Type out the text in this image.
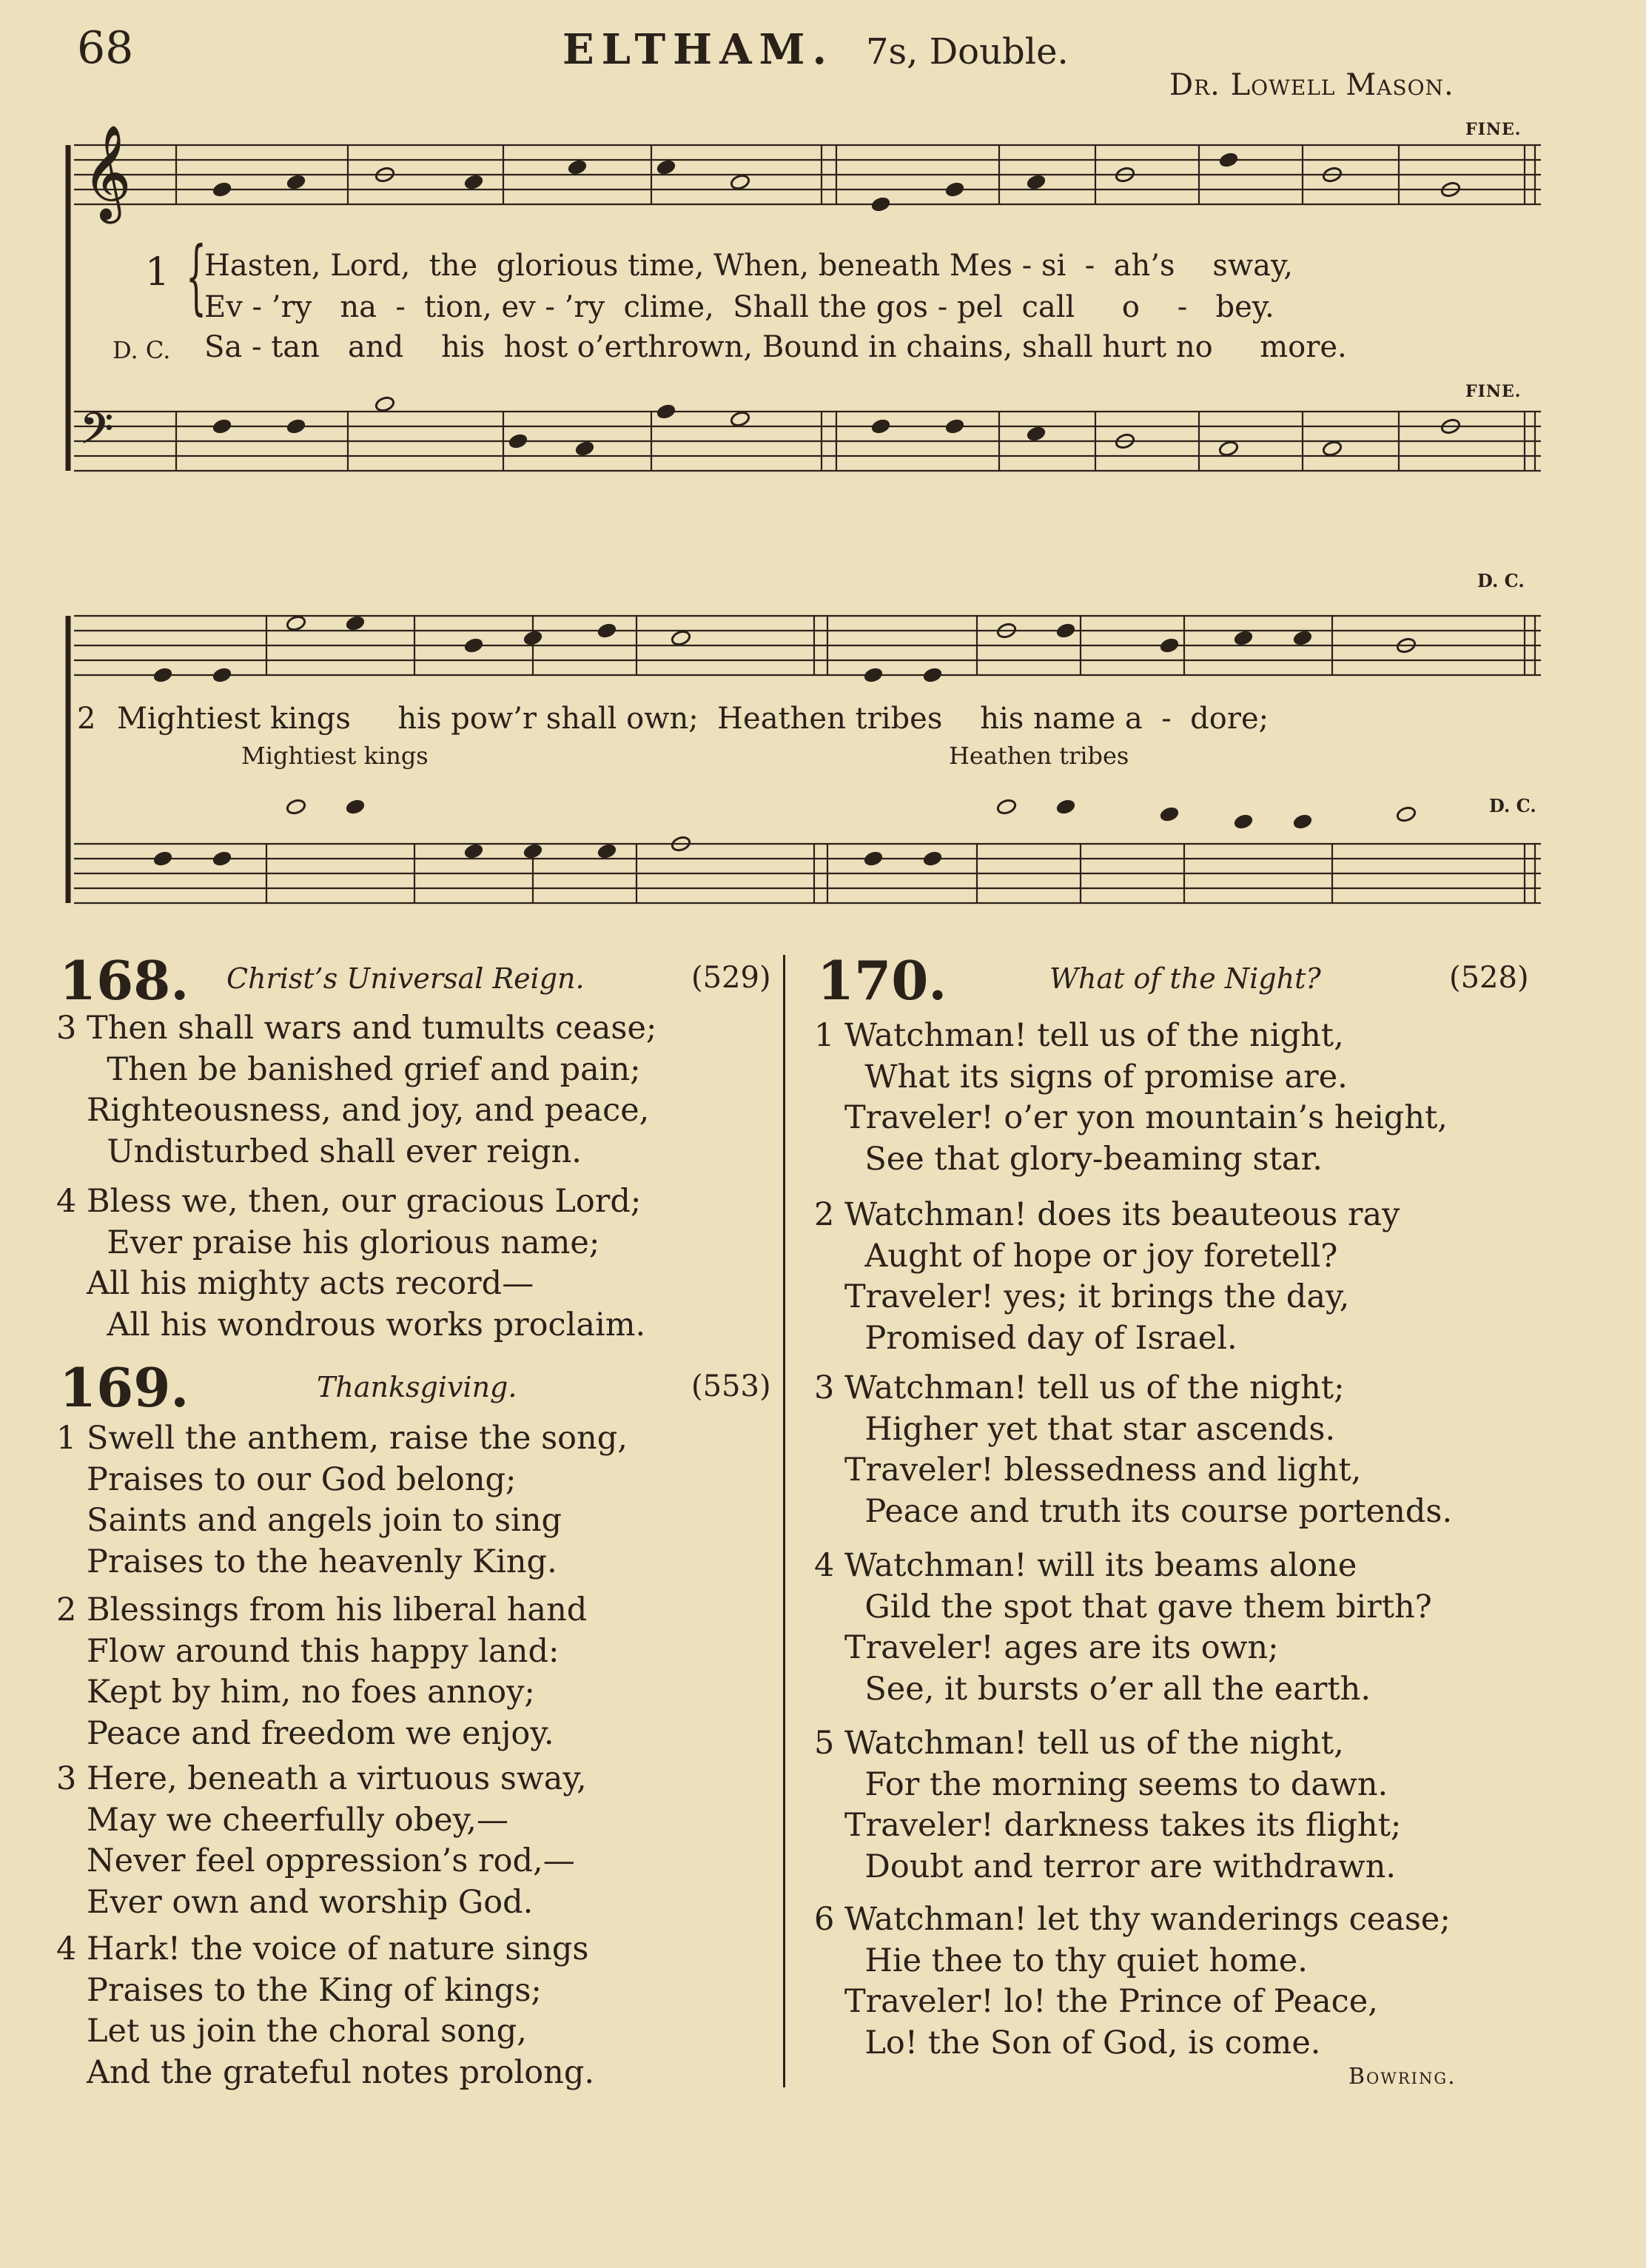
68	ELTHAM. 7s, Double.
Dr. Lowell Mason.
𝄞
𝄢
FINE.
FINE.
D. C.
D. C.
1 {
Hasten, Lord,  the  glorious time, When, beneath Mes - si  -  ah’s    sway,
Ev - ’ry   na  -  tion, ev - ’ry  clime,  Shall the gos - pel  call     o    -   bey.
D. C. Sa - tan   and    his  host o’erthrown, Bound in chains, shall hurt no     more.
2 Mightiest kings     his pow’r shall own;  Heathen tribes    his name a  -  dore;
Mightiest kings	Heathen tribes
168. Christ’s Universal Reign.	(529)
3 Then shall wars and tumults cease;
Then be banished grief and pain;
Righteousness, and joy, and peace,
Undisturbed shall ever reign.
4 Bless we, then, our gracious Lord;
Ever praise his glorious name;
All his mighty acts record—
All his wondrous works proclaim.
169.	Thanksgiving.	(553)
1 Swell the anthem, raise the song,
Praises to our God belong;
Saints and angels join to sing
Praises to the heavenly King.
2 Blessings from his liberal hand
Flow around this happy land:
Kept by him, no foes annoy;
Peace and freedom we enjoy.
3 Here, beneath a virtuous sway,
May we cheerfully obey,—
Never feel oppression’s rod,—
Ever own and worship God.
4 Hark! the voice of nature sings
Praises to the King of kings;
Let us join the choral song,
And the grateful notes prolong.
170.	What of the Night?	(528)
1 Watchman! tell us of the night,
What its signs of promise are.
Traveler! o’er yon mountain’s height,
See that glory-beaming star.
2 Watchman! does its beauteous ray
Aught of hope or joy foretell?
Traveler! yes; it brings the day,
Promised day of Israel.
3 Watchman! tell us of the night;
Higher yet that star ascends.
Traveler! blessedness and light,
Peace and truth its course portends.
4 Watchman! will its beams alone
Gild the spot that gave them birth?
Traveler! ages are its own;
See, it bursts o’er all the earth.
5 Watchman! tell us of the night,
For the morning seems to dawn.
Traveler! darkness takes its flight;
Doubt and terror are withdrawn.
6 Watchman! let thy wanderings cease;
Hie thee to thy quiet home.
Traveler! lo! the Prince of Peace,
Lo! the Son of God, is come.
Bowring.
